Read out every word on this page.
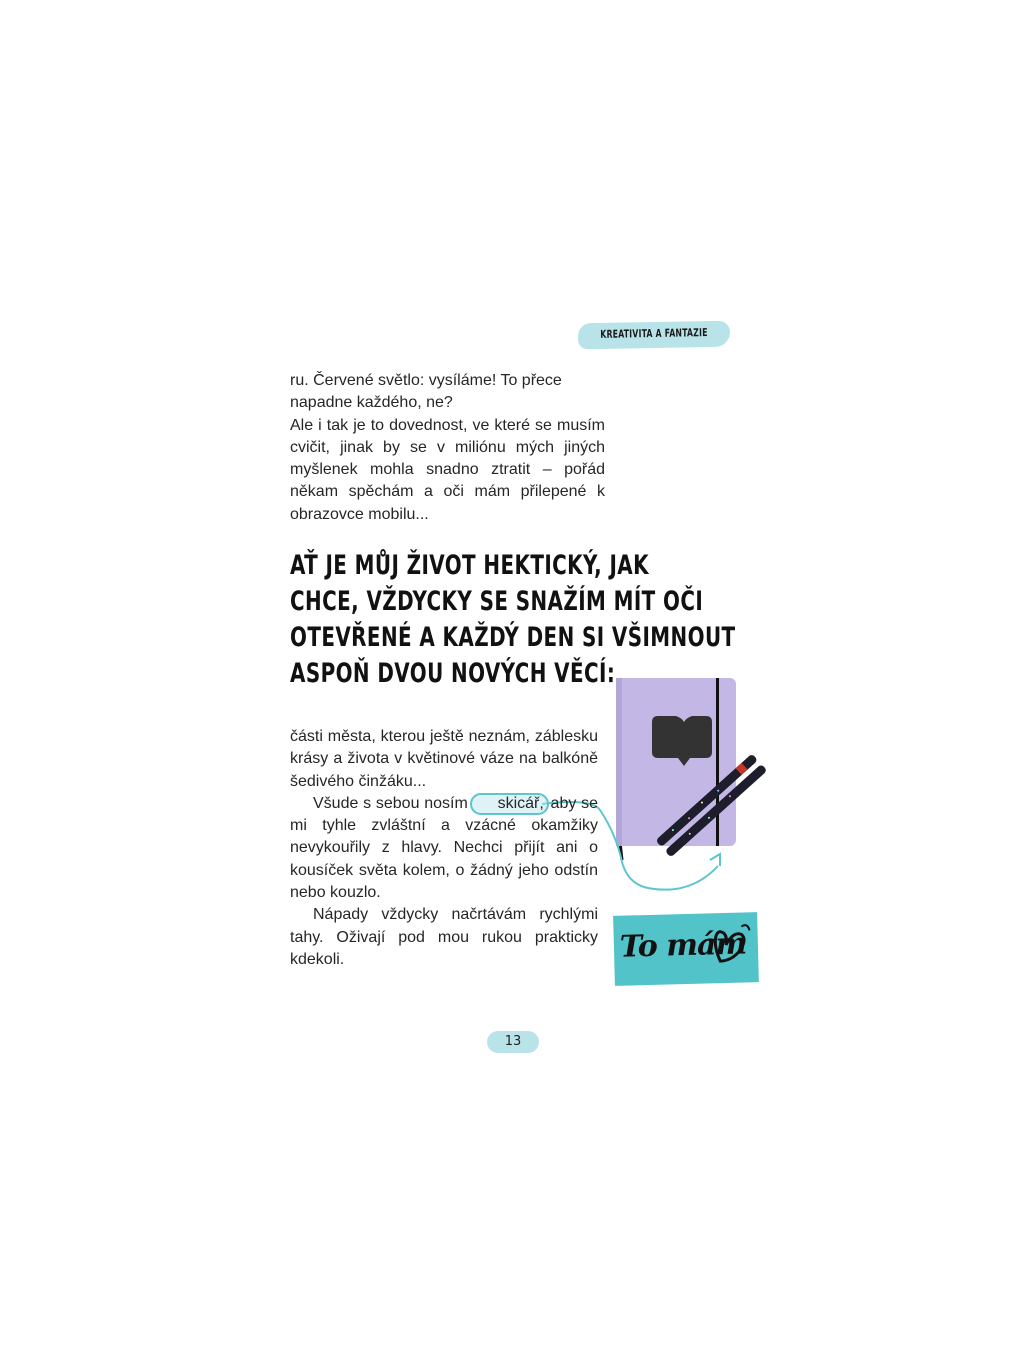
KREATIVITA A FANTAZIE

ru. Červené světlo: vysíláme! To přece

napadne každého, ne?

Ale i tak je to dovednost, ve které se musím cvičit, jinak by se v miliónu mých jiných myšlenek mohla snadno ztratit – pořád někam spěchám a oči mám přilepené k obrazovce mobilu...

AŤ JE MŮJ ŽIVOT HEKTICKÝ, JAK

CHCE, VŽDYCKY SE SNAŽÍM MÍT OČI

OTEVŘENÉ A KAŽDÝ DEN SI VŠIMNOUT

ASPOŇ DVOU NOVÝCH VĚCÍ:

části města, kterou ještě neznám, záblesku krásy a života v květinové váze na balkóně šedivého činžáku...

Všude s sebou nosím skicář, aby se mi tyhle zvláštní a vzácné okamžiky nevykouřily z hlavy. Nechci přijít ani o kousíček světa kolem, o žádný jeho odstín nebo kouzlo.

Nápady vždycky načrtávám rychlými tahy. Oživají pod mou rukou prakticky kdekoli.	To mám
13
